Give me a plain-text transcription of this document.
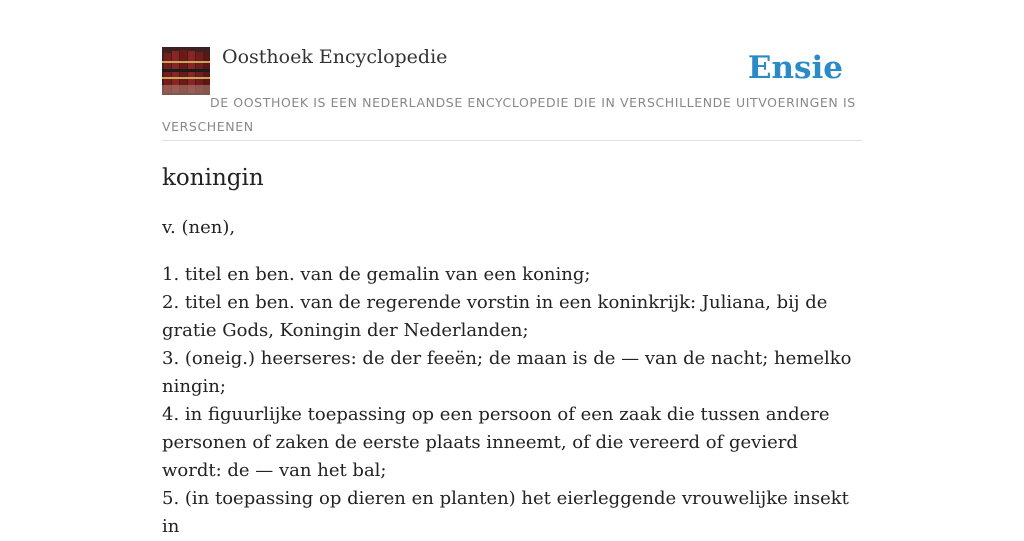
Oosthoek Encyclopedie	Ensie
DE OOSTHOEK IS EEN NEDERLANDSE ENCYCLOPEDIE DIE IN VERSCHILLENDE UITVOERINGEN IS VERSCHENEN
koningin

v. (nen),

1. titel en ben. van de gemalin van een koning;
2. titel en ben. van de regerende vorstin in een koninkrijk: Juliana, bij de gratie Gods, Koningin der Nederlanden;
3. (oneig.) heerseres: de der feeën; de maan is de — van de nacht; hemelko ningin;
4. in figuurlijke toepassing op een persoon of een zaak die tussen andere personen of zaken de eerste plaats inneemt, of die vereerd of gevierd wordt: de — van het bal;
5. (in toepassing op dieren en planten) het eierleggende vrouwelijke insekt in
